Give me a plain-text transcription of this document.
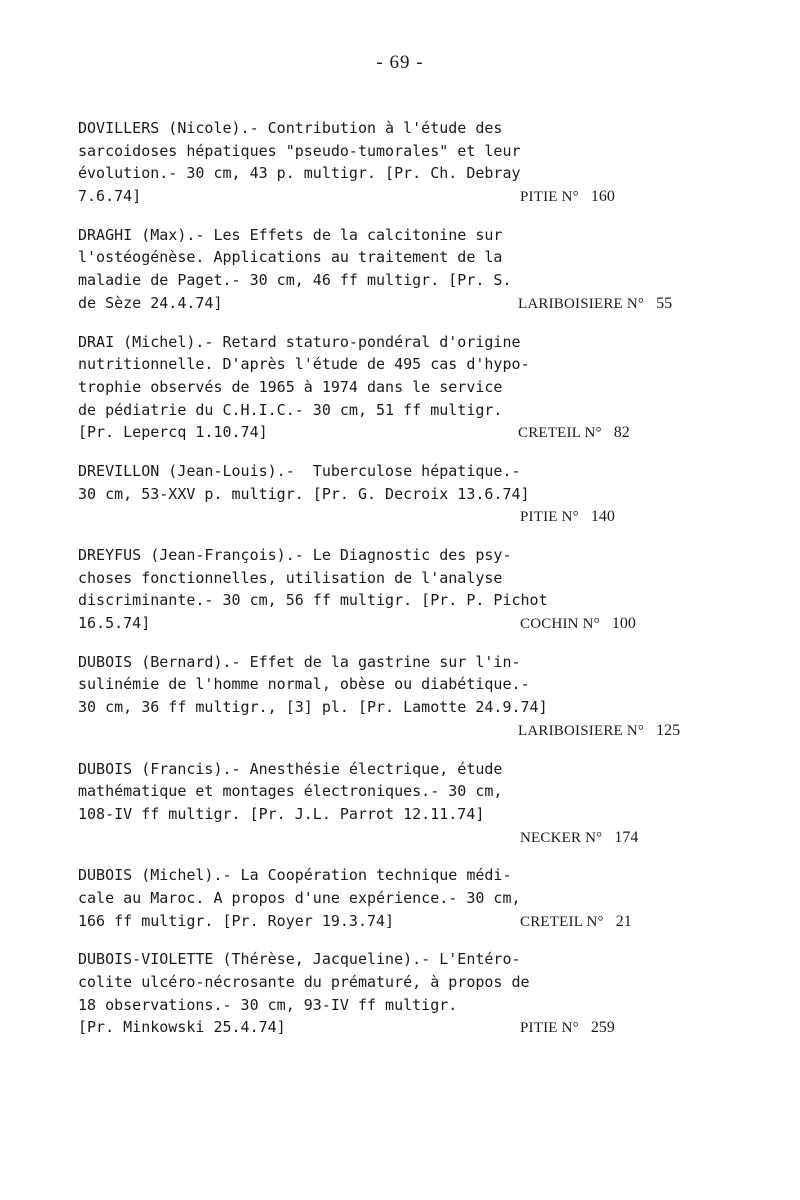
- 69 -
DOVILLERS (Nicole).- Contribution à l'étude des
sarcoidoses hépatiques "pseudo-tumorales" et leur
évolution.- 30 cm, 43 p. multigr. [Pr. Ch. Debray

7.6.74]

	PITIE N° 160

DRAGHI (Max).- Les Effets de la calcitonine sur
l'ostéogénèse. Applications au traitement de la
maladie de Paget.- 30 cm, 46 ff multigr. [Pr. S.

de Sèze 24.4.74]

	LARIBOISIERE N° 55

DRAI (Michel).- Retard staturo-pondéral d'origine
nutritionnelle. D'après l'étude de 495 cas d'hypo-
trophie observés de 1965 à 1974 dans le service
de pédiatrie du C.H.I.C.- 30 cm, 51 ff multigr.

[Pr. Lepercq 1.10.74]

	CRETEIL N° 82

DREVILLON (Jean-Louis).-  Tuberculose hépatique.-
30 cm, 53-XXV p. multigr. [Pr. G. Decroix 13.6.74]

PITIE N° 140

DREYFUS (Jean-François).- Le Diagnostic des psy-
choses fonctionnelles, utilisation de l'analyse
discriminante.- 30 cm, 56 ff multigr. [Pr. P. Pichot

16.5.74]

	COCHIN N° 100

DUBOIS (Bernard).- Effet de la gastrine sur l'in-
sulinémie de l'homme normal, obèse ou diabétique.-
30 cm, 36 ff multigr., [3] pl. [Pr. Lamotte 24.9.74]

LARIBOISIERE N° 125

DUBOIS (Francis).- Anesthésie électrique, étude
mathématique et montages électroniques.- 30 cm,
108-IV ff multigr. [Pr. J.L. Parrot 12.11.74]

NECKER N° 174

DUBOIS (Michel).- La Coopération technique médi-
cale au Maroc. A propos d'une expérience.- 30 cm,

166 ff multigr. [Pr. Royer 19.3.74]

	CRETEIL N° 21

DUBOIS-VIOLETTE (Thérèse, Jacqueline).- L'Entéro-
colite ulcéro-nécrosante du prématuré, à propos de
18 observations.- 30 cm, 93-IV ff multigr.

[Pr. Minkowski 25.4.74]

	PITIE N° 259
